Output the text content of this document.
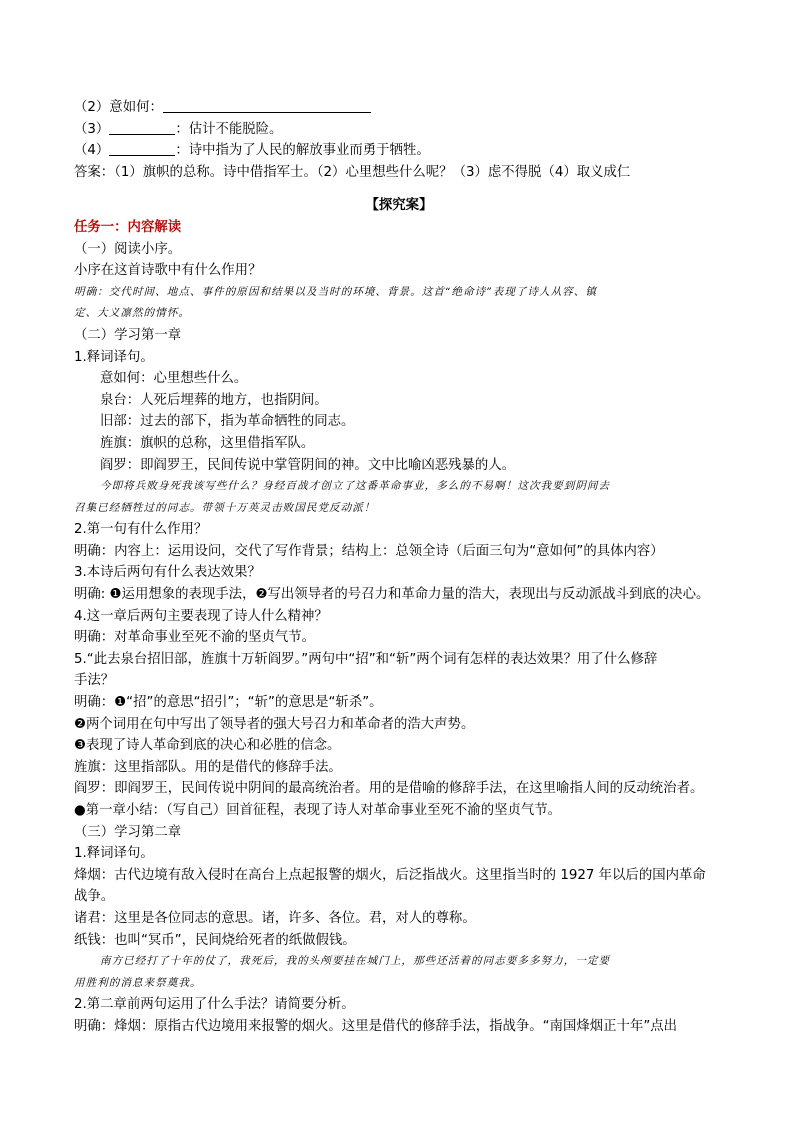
（2）意如何：
（3）	：估计不能脱险。
（4）	：诗中指为了人民的解放事业而勇于牺牲。
答案：（1）旗帜的总称。诗中借指军士。（2）心里想些什么呢？（3）虑不得脱（4）取义成仁
【探究案】
任务一：内容解读
（一）阅读小序。
小序在这首诗歌中有什么作用？
明确：交代时间、地点、事件的原因和结果以及当时的环境、背景。这首“绝命诗”表现了诗人从容、镇
定、大义凛然的情怀。
（二）学习第一章
1.释词译句。
意如何：心里想些什么。
泉台：人死后埋葬的地方，也指阴间。
旧部：过去的部下，指为革命牺牲的同志。
旌旗：旗帜的总称，这里借指军队。
阎罗：即阎罗王，民间传说中掌管阴间的神。文中比喻凶恶残暴的人。
今即将兵败身死我该写些什么？身经百战才创立了这番革命事业，多么的不易啊！这次我要到阴间去
召集已经牺牲过的同志。带领十万英灵击败国民党反动派！
2.第一句有什么作用？
明确：内容上：运用设问，交代了写作背景；结构上：总领全诗（后面三句为“意如何”的具体内容）
3.本诗后两句有什么表达效果？
明确: ❶运用想象的表现手法，❷写出领导者的号召力和革命力量的浩大，表现出与反动派战斗到底的决心。
4.这一章后两句主要表现了诗人什么精神？
明确：对革命事业至死不渝的坚贞气节。
5.“此去泉台招旧部，旌旗十万斩阎罗。”两句中“招”和“斩”两个词有怎样的表达效果？用了什么修辞
手法？
明确：❶“招”的意思“招引”；“斩”的意思是“斩杀”。
❷两个词用在句中写出了领导者的强大号召力和革命者的浩大声势。
❸表现了诗人革命到底的决心和必胜的信念。
旌旗：这里指部队。用的是借代的修辞手法。
阎罗：即阎罗王，民间传说中阴间的最高统治者。用的是借喻的修辞手法，在这里喻指人间的反动统治者。
●第一章小结：（写自己）回首征程，表现了诗人对革命事业至死不渝的坚贞气节。
（三）学习第二章
1.释词译句。
烽烟：古代边境有敌入侵时在高台上点起报警的烟火，后泛指战火。这里指当时的 1927 年以后的国内革命
战争。
诸君：这里是各位同志的意思。诸，许多、各位。君，对人的尊称。
纸钱：也叫“冥币”，民间烧给死者的纸做假钱。
南方已经打了十年的仗了，我死后，我的头颅要挂在城门上，那些还活着的同志要多多努力，一定要
用胜利的消息来祭奠我。
2.第二章前两句运用了什么手法？请简要分析。
明确：烽烟：原指古代边境用来报警的烟火。这里是借代的修辞手法，指战争。“南国烽烟正十年”点出
